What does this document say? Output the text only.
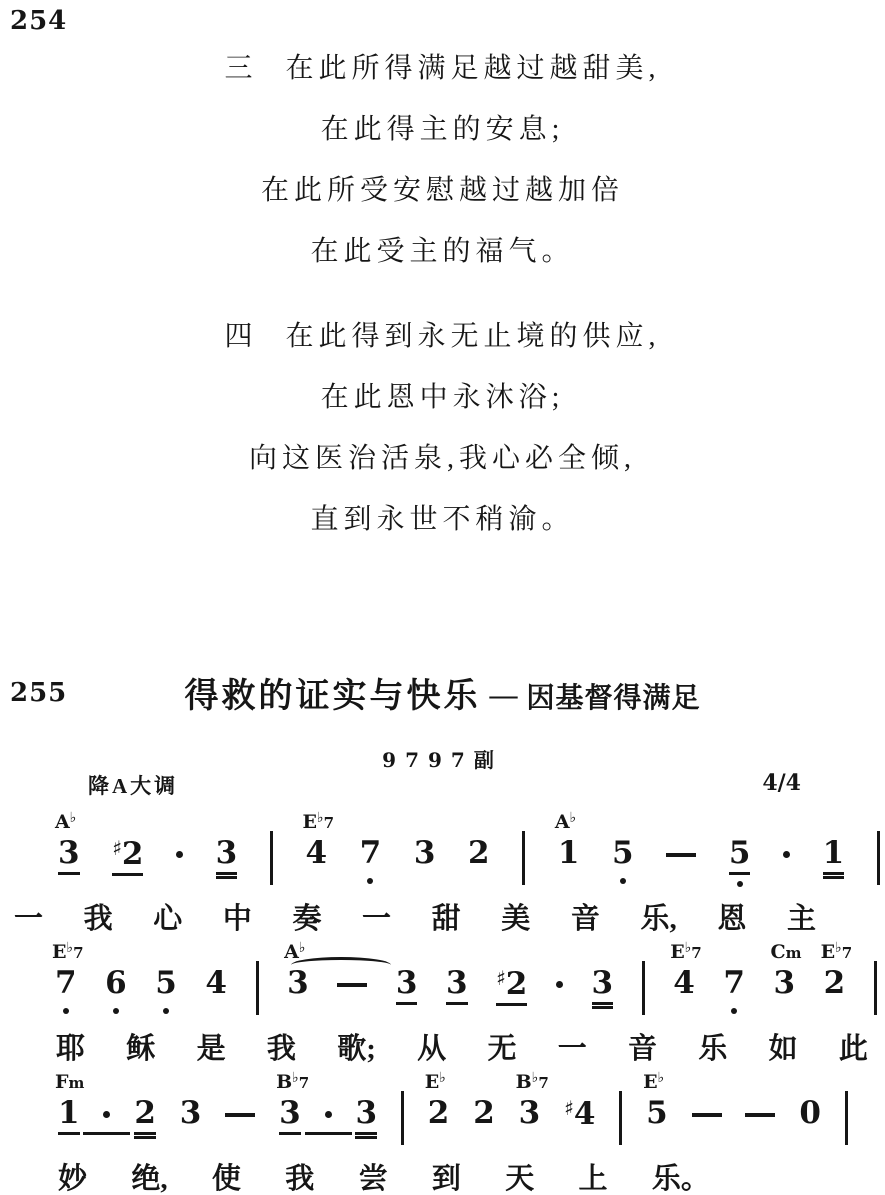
254
三 在此所得满足越过越甜美,
在此得主的安息;
在此所受安慰越过越加倍
在此受主的福气。
四 在此得到永无止境的供应,
在此恩中永沐浴;
向这医治活泉,我心必全倾,
直到永世不稍渝。
255	得救的证实与快乐 — 因基督得满足
9797副
降A大调	4/4
A♭
3 ♯2 3
E♭7
4 7 3 2
A♭
1 5	5 1
一 我 心 中 奏 一 甜 美 音 乐, 恩 主
E♭7
7 6 5 4
A♭
3	3 3 ♯2 3
E♭7
4 7
Cm
3
E♭7
2
耶 稣 是 我 歌; 从 无 一 音 乐 如 此
Fm
1 2 3
B♭7
3 3
E♭
2 2
B♭7
3 ♯4
E♭
5	0
妙 绝, 使 我 尝 到 天 上 乐。
